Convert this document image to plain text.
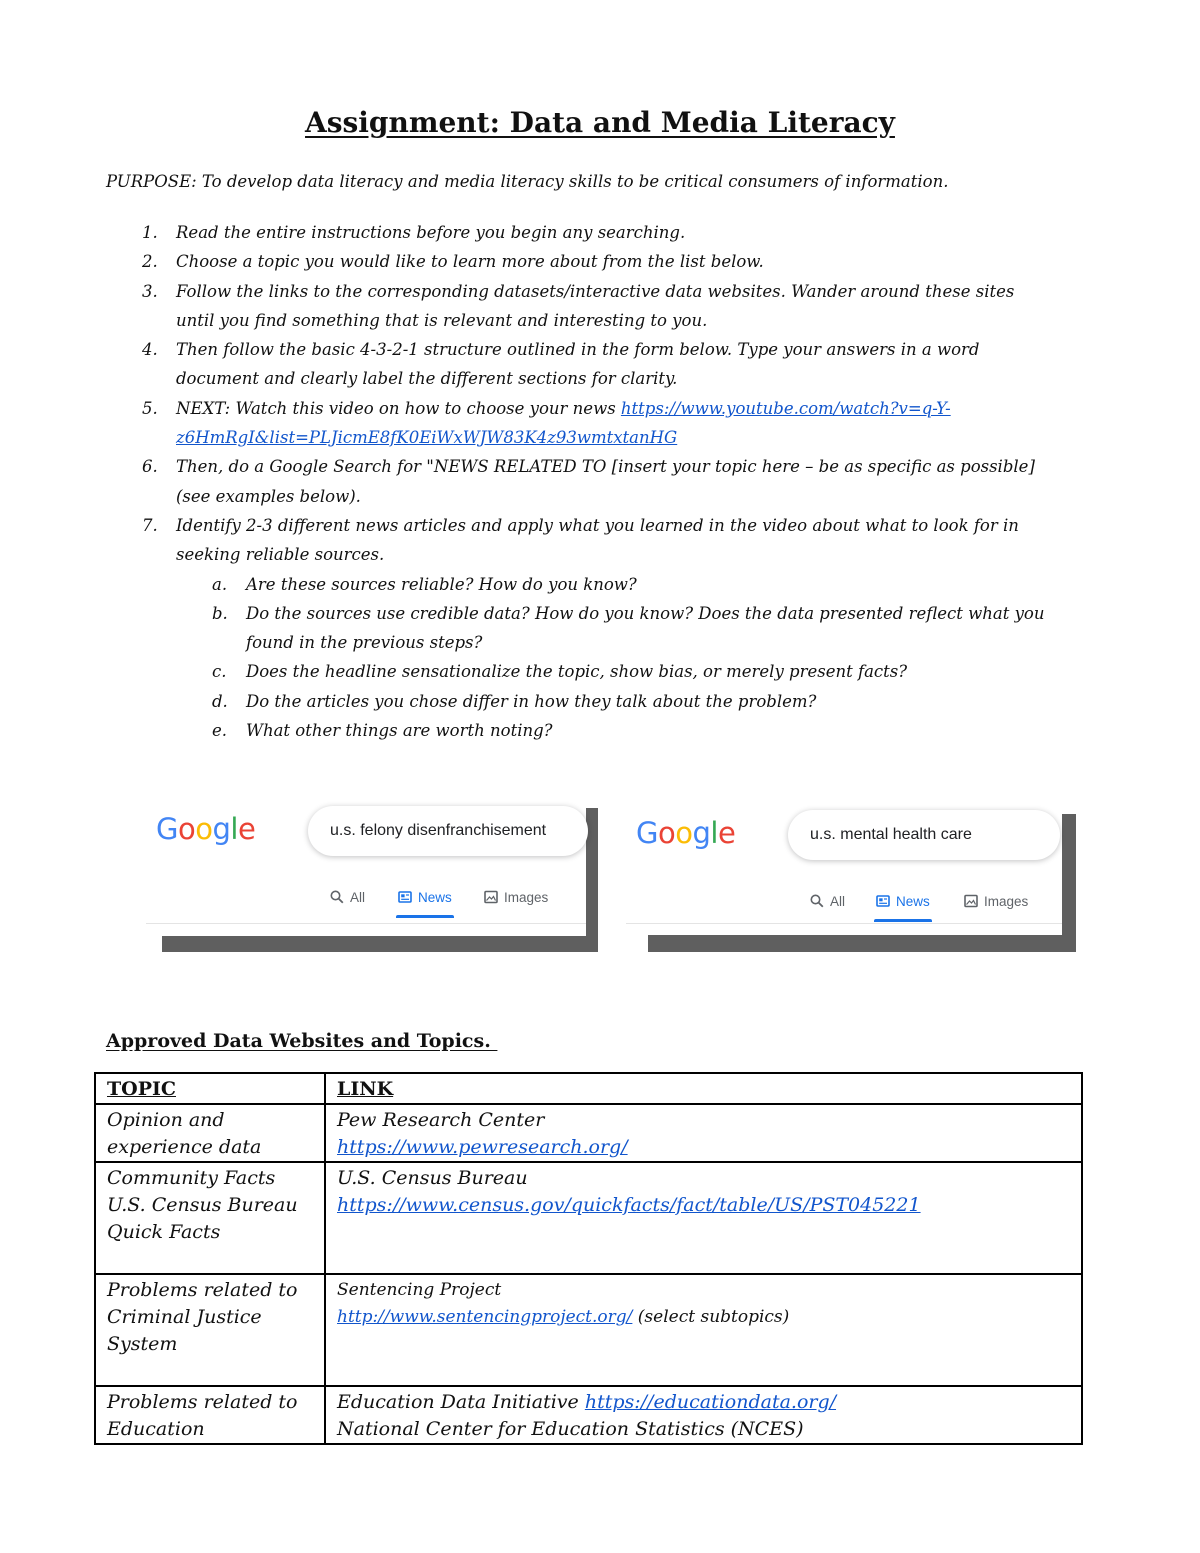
Assignment: Data and Media Literacy
PURPOSE: To develop data literacy and media literacy skills to be critical consumers of information.
1. Read the entire instructions before you begin any searching.
2. Choose a topic you would like to learn more about from the list below.
3. Follow the links to the corresponding datasets/interactive data websites. Wander around these sites
until you find something that is relevant and interesting to you.
4. Then follow the basic 4-3-2-1 structure outlined in the form below. Type your answers in a word
document and clearly label the different sections for clarity.
5. NEXT: Watch this video on how to choose your news https://www.youtube.com/watch?v=q-Y-
z6HmRgI&list=PLJicmE8fK0EiWxWJW83K4z93wmtxtanHG
6. Then, do a Google Search for "NEWS RELATED TO [insert your topic here – be as specific as possible]
(see examples below).
7. Identify 2-3 different news articles and apply what you learned in the video about what to look for in
seeking reliable sources.
a. Are these sources reliable? How do you know?
b. Do the sources use credible data? How do you know? Does the data presented reflect what you
found in the previous steps?
c. Does the headline sensationalize the topic, show bias, or merely present facts?
d. Do the articles you chose differ in how they talk about the problem?
e. What other things are worth noting?
Google	u.s. felony disenfranchisement
All	News	Images
Google	u.s. mental health care
All	News	Images
Approved Data Websites and Topics.
TOPIC	LINK
Opinion and
experience data	Pew Research Center
https://www.pewresearch.org/
Community Facts
U.S. Census Bureau
Quick Facts	U.S. Census Bureau
https://www.census.gov/quickfacts/fact/table/US/PST045221
Problems related to
Criminal Justice
System	Sentencing Project
http://www.sentencingproject.org/ (select subtopics)
Problems related to
Education	Education Data Initiative https://educationdata.org/
National Center for Education Statistics (NCES)
